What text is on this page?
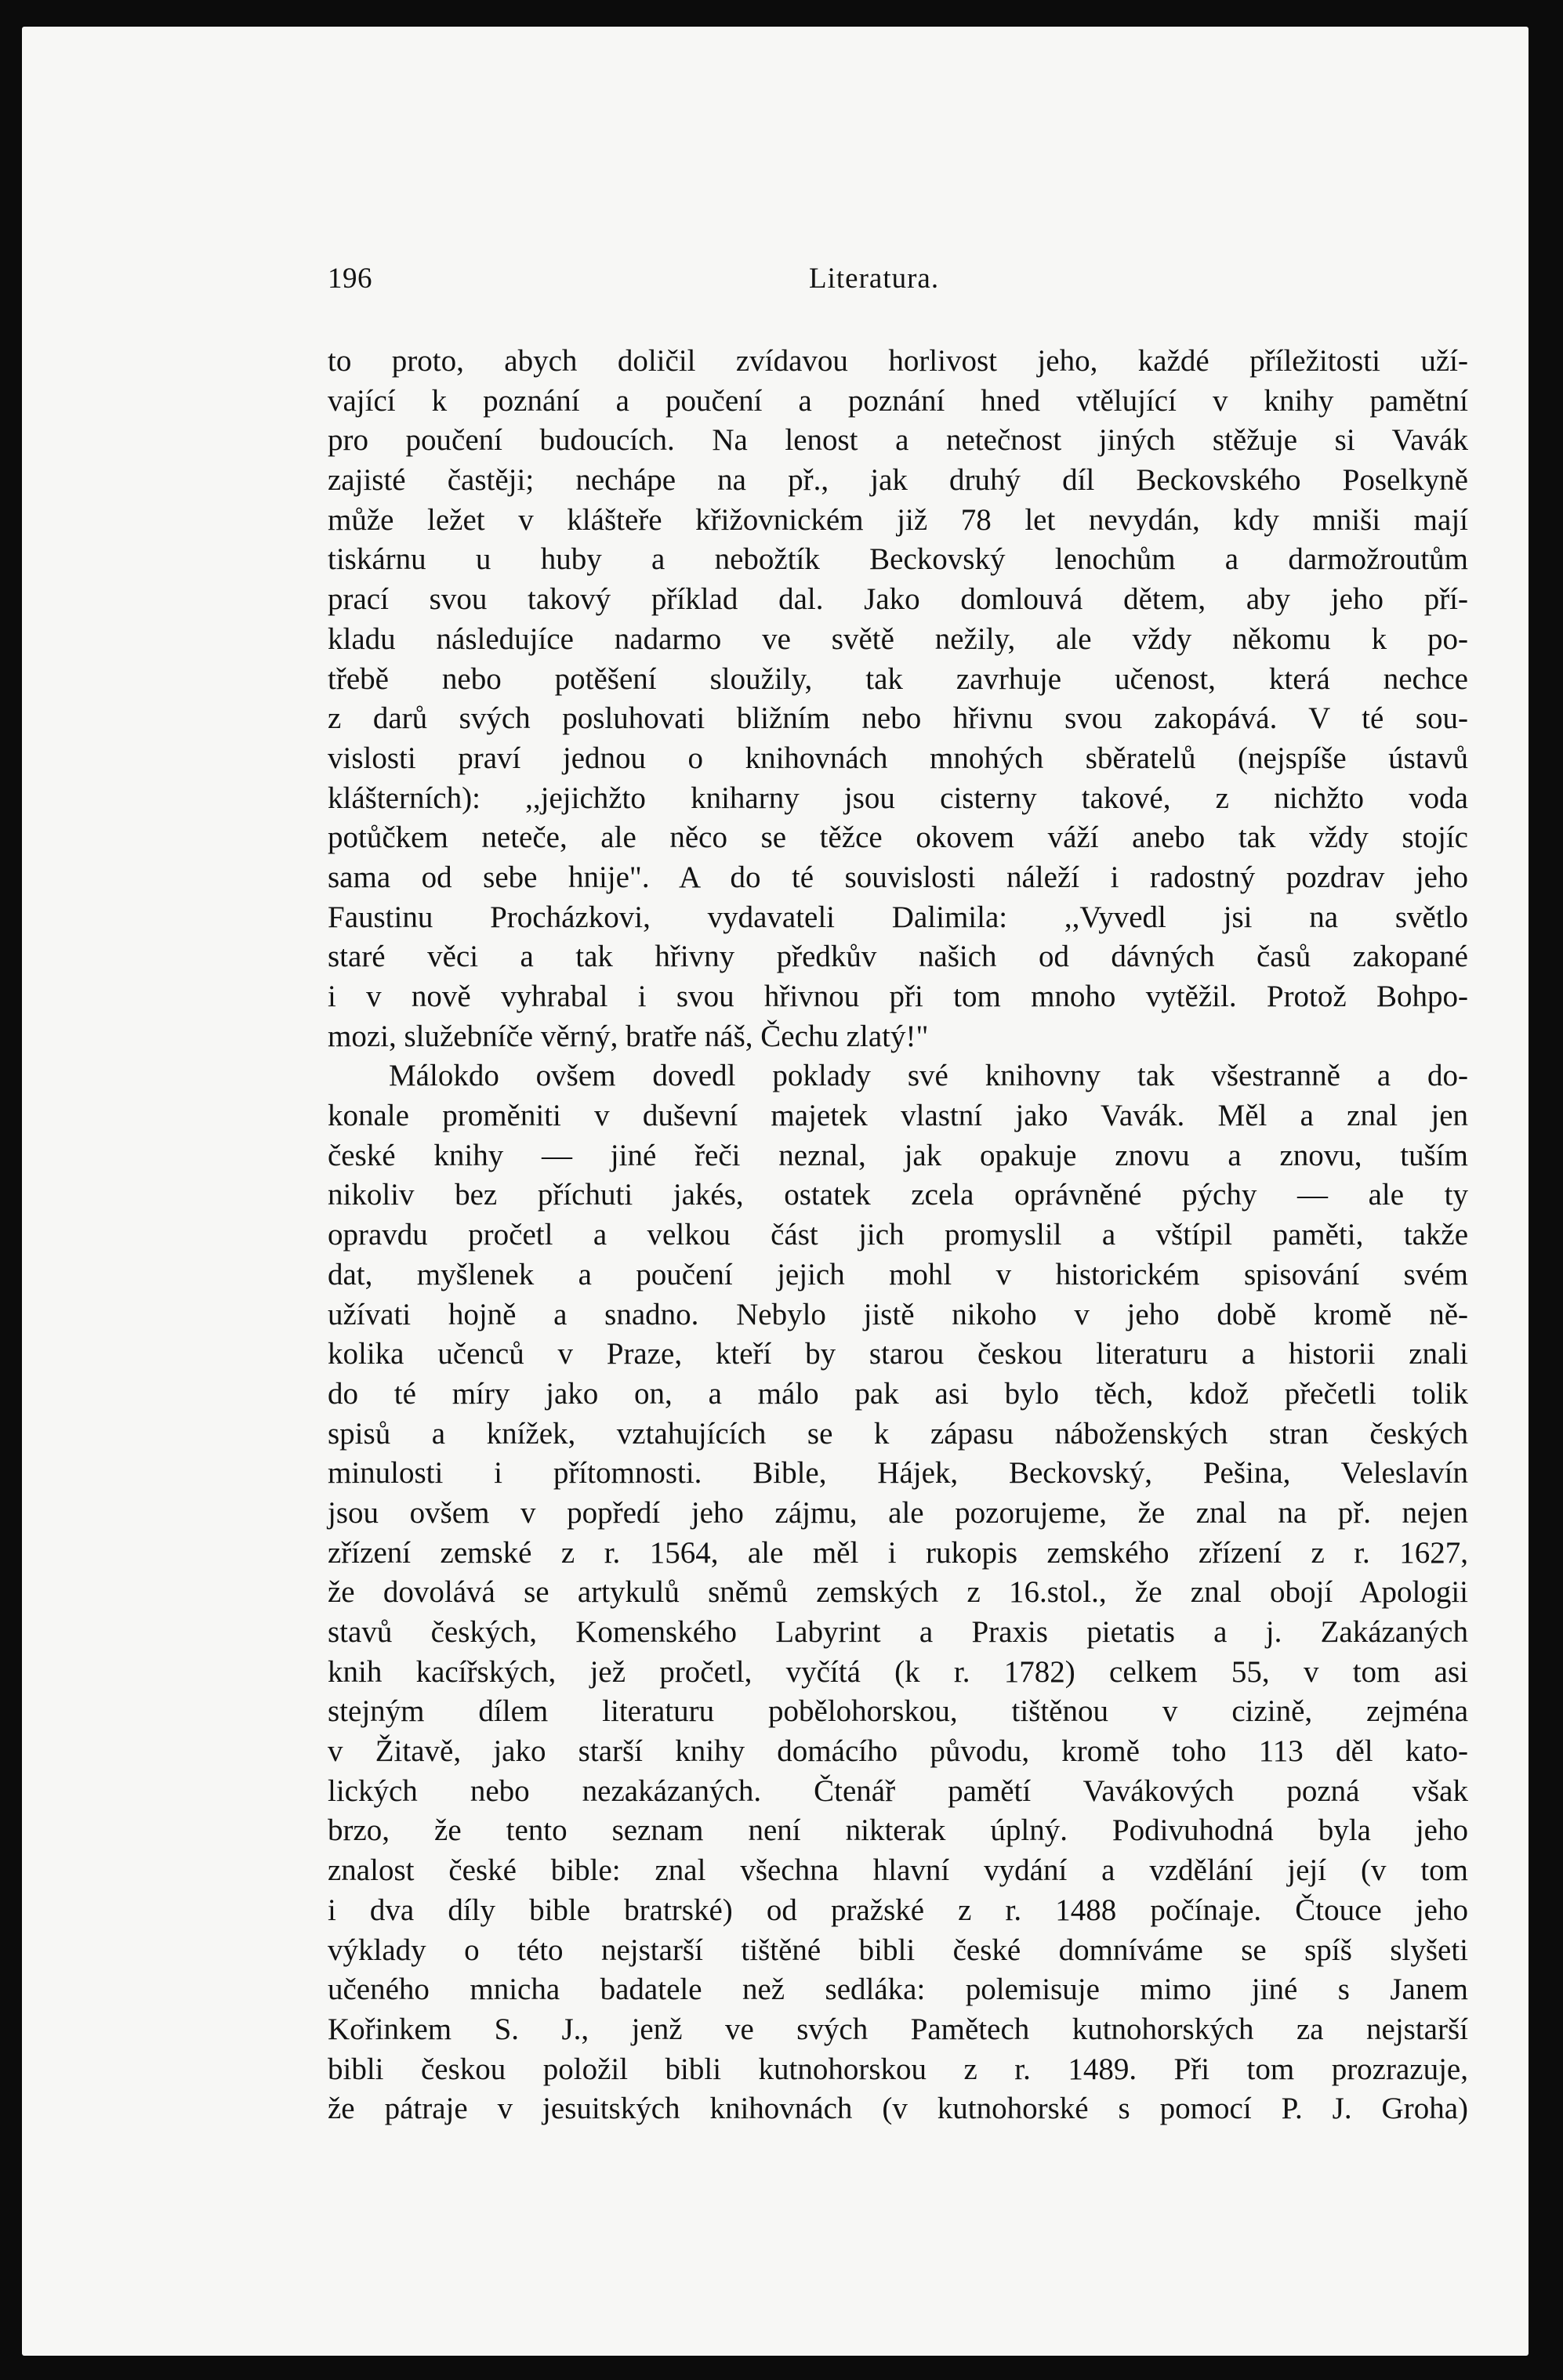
196	Literatura.
to proto, abych doličil zvídavou horlivost jeho, každé příležitosti uží-
vající k poznání a poučení a poznání hned vtělující v knihy pamětní
pro poučení budoucích. Na lenost a netečnost jiných stěžuje si Vavák
zajisté častěji; nechápe na př., jak druhý díl Beckovského Poselkyně
může ležet v klášteře křižovnickém již 78 let nevydán, kdy mniši mají
tiskárnu u huby a nebožtík Beckovský lenochům a darmožroutům
prací svou takový příklad dal. Jako domlouvá dětem, aby jeho pří-
kladu následujíce nadarmo ve světě nežily, ale vždy někomu k po-
třebě nebo potěšení sloužily, tak zavrhuje učenost, která nechce
z darů svých posluhovati bližním nebo hřivnu svou zakopává. V té sou-
vislosti praví jednou o knihovnách mnohých sběratelů (nejspíše ústavů
klášterních): ,,jejichžto kniharny jsou cisterny takové, z nichžto voda
potůčkem neteče, ale něco se těžce okovem váží anebo tak vždy stojíc
sama od sebe hnije". A do té souvislosti náleží i radostný pozdrav jeho
Faustinu Procházkovi, vydavateli Dalimila: ,,Vyvedl jsi na světlo
staré věci a tak hřivny předkův našich od dávných časů zakopané
i v nově vyhrabal i svou hřivnou při tom mnoho vytěžil. Protož Bohpo-
mozi, služebníče věrný, bratře náš, Čechu zlatý!"
Málokdo ovšem dovedl poklady své knihovny tak všestranně a do-
konale proměniti v duševní majetek vlastní jako Vavák. Měl a znal jen
české knihy — jiné řeči neznal, jak opakuje znovu a znovu, tuším
nikoliv bez příchuti jakés, ostatek zcela oprávněné pýchy — ale ty
opravdu pročetl a velkou část jich promyslil a vštípil paměti, takže
dat, myšlenek a poučení jejich mohl v historickém spisování svém
užívati hojně a snadno. Nebylo jistě nikoho v jeho době kromě ně-
kolika učenců v Praze, kteří by starou českou literaturu a historii znali
do té míry jako on, a málo pak asi bylo těch, kdož přečetli tolik
spisů a knížek, vztahujících se k zápasu náboženských stran českých
minulosti i přítomnosti. Bible, Hájek, Beckovský, Pešina, Veleslavín
jsou ovšem v popředí jeho zájmu, ale pozorujeme, že znal na př. nejen
zřízení zemské z r. 1564, ale měl i rukopis zemského zřízení z r. 1627,
že dovolává se artykulů sněmů zemských z 16.stol., že znal obojí Apologii
stavů českých, Komenského Labyrint a Praxis pietatis a j. Zakázaných
knih kacířských, jež pročetl, vyčítá (k r. 1782) celkem 55, v tom asi
stejným dílem literaturu pobělohorskou, tištěnou v cizině, zejména
v Žitavě, jako starší knihy domácího původu, kromě toho 113 děl kato-
lických nebo nezakázaných. Čtenář pamětí Vavákových pozná však
brzo, že tento seznam není nikterak úplný. Podivuhodná byla jeho
znalost české bible: znal všechna hlavní vydání a vzdělání její (v tom
i dva díly bible bratrské) od pražské z r. 1488 počínaje. Čtouce jeho
výklady o této nejstarší tištěné bibli české domníváme se spíš slyšeti
učeného mnicha badatele než sedláka: polemisuje mimo jiné s Janem
Kořinkem S. J., jenž ve svých Pamětech kutnohorských za nejstarší
bibli českou položil bibli kutnohorskou z r. 1489. Při tom prozrazuje,
že pátraje v jesuitských knihovnách (v kutnohorské s pomocí P. J. Groha)
